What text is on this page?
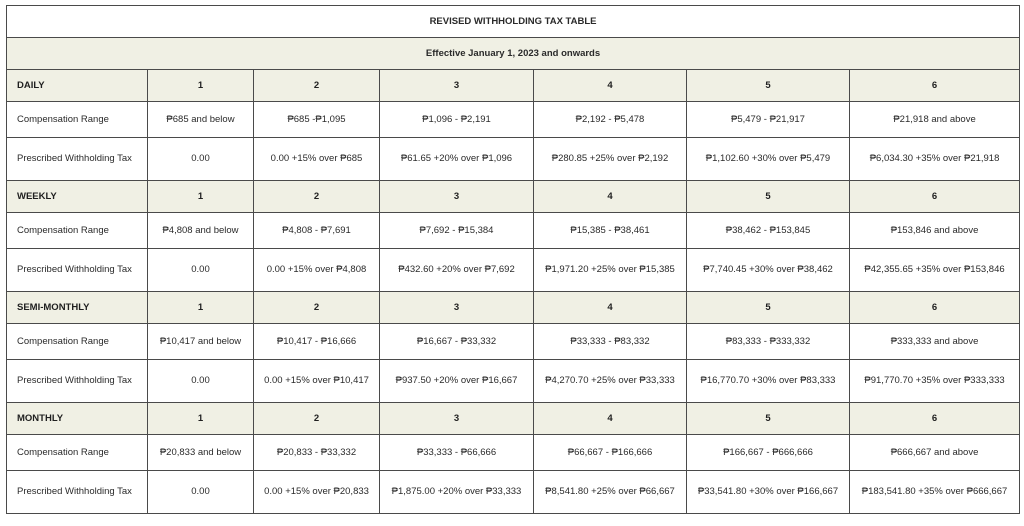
REVISED WITHHOLDING TAX TABLE						
Effective January 1, 2023 and onwards						
DAILY	1	2	3	4	5	6
Compensation Range	₱685 and below	₱685 -₱1,095	₱1,096 - ₱2,191	₱2,192 - ₱5,478	₱5,479 - ₱21,917	₱21,918 and above
Prescribed Withholding Tax	0.00	0.00 +15% over ₱685	₱61.65 +20% over ₱1,096	₱280.85 +25% over ₱2,192	₱1,102.60 +30% over ₱5,479	₱6,034.30 +35% over ₱21,918
WEEKLY	1	2	3	4	5	6
Compensation Range	₱4,808 and below	₱4,808 - ₱7,691	₱7,692 - ₱15,384	₱15,385 - ₱38,461	₱38,462 - ₱153,845	₱153,846 and above
Prescribed Withholding Tax	0.00	0.00 +15% over ₱4,808	₱432.60 +20% over ₱7,692	₱1,971.20 +25% over ₱15,385	₱7,740.45 +30% over ₱38,462	₱42,355.65 +35% over ₱153,846
SEMI-MONTHLY	1	2	3	4	5	6
Compensation Range	₱10,417 and below	₱10,417 - ₱16,666	₱16,667 - ₱33,332	₱33,333 - ₱83,332	₱83,333 - ₱333,332	₱333,333 and above
Prescribed Withholding Tax	0.00	0.00 +15% over ₱10,417	₱937.50 +20% over ₱16,667	₱4,270.70 +25% over ₱33,333	₱16,770.70 +30% over ₱83,333	₱91,770.70 +35% over ₱333,333
MONTHLY	1	2	3	4	5	6
Compensation Range	₱20,833 and below	₱20,833 - ₱33,332	₱33,333 - ₱66,666	₱66,667 - ₱166,666	₱166,667 - ₱666,666	₱666,667 and above
Prescribed Withholding Tax	0.00	0.00 +15% over ₱20,833	₱1,875.00 +20% over ₱33,333	₱8,541.80 +25% over ₱66,667	₱33,541.80 +30% over ₱166,667	₱183,541.80 +35% over ₱666,667
